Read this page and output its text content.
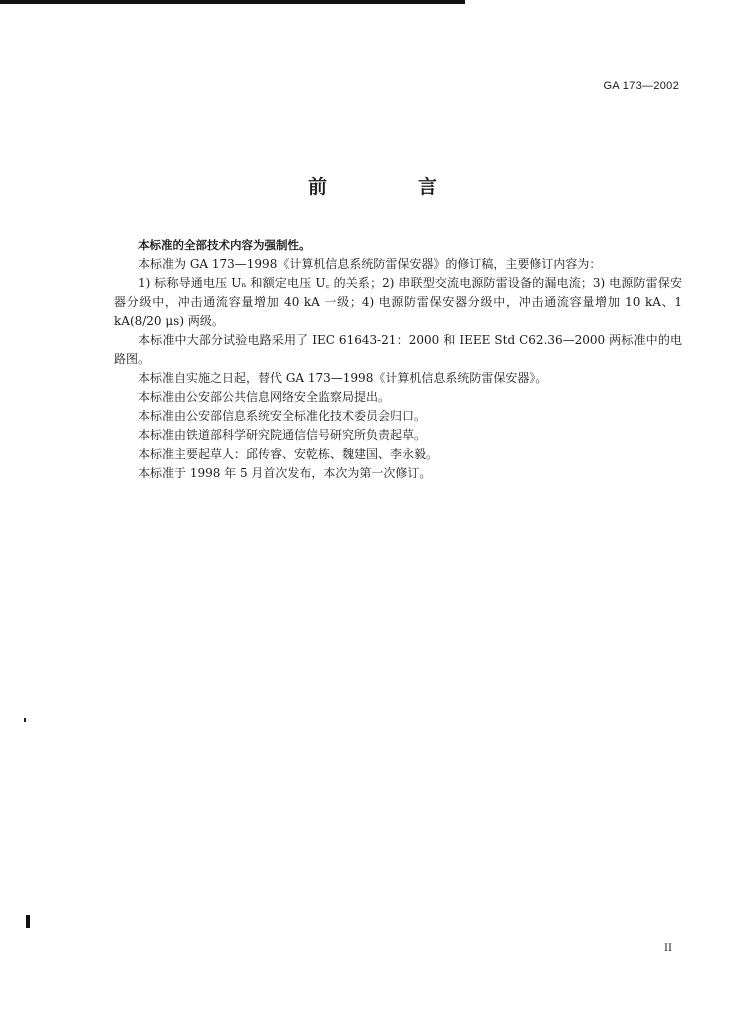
GA 173—2002
前　言

本标准的全部技术内容为强制性。

本标准为 GA 173—1998《计算机信息系统防雷保安器》的修订稿，主要修订内容为：

1) 标称导通电压 Uₙ 和额定电压 U꜀ 的关系；2) 串联型交流电源防雷设备的漏电流；3) 电源防雷保安器分级中，冲击通流容量增加 40 kA 一级；4) 电源防雷保安器分级中，冲击通流容量增加 10 kA、1 kA(8/20 μs) 两级。

本标准中大部分试验电路采用了 IEC 61643-21：2000 和 IEEE Std C62.36—2000 两标准中的电路图。

本标准自实施之日起，替代 GA 173—1998《计算机信息系统防雷保安器》。

本标准由公安部公共信息网络安全监察局提出。

本标准由公安部信息系统安全标准化技术委员会归口。

本标准由铁道部科学研究院通信信号研究所负责起草。

本标准主要起草人：邱传睿、安乾栋、魏建国、李永毅。

本标准于 1998 年 5 月首次发布，本次为第一次修订。

II
